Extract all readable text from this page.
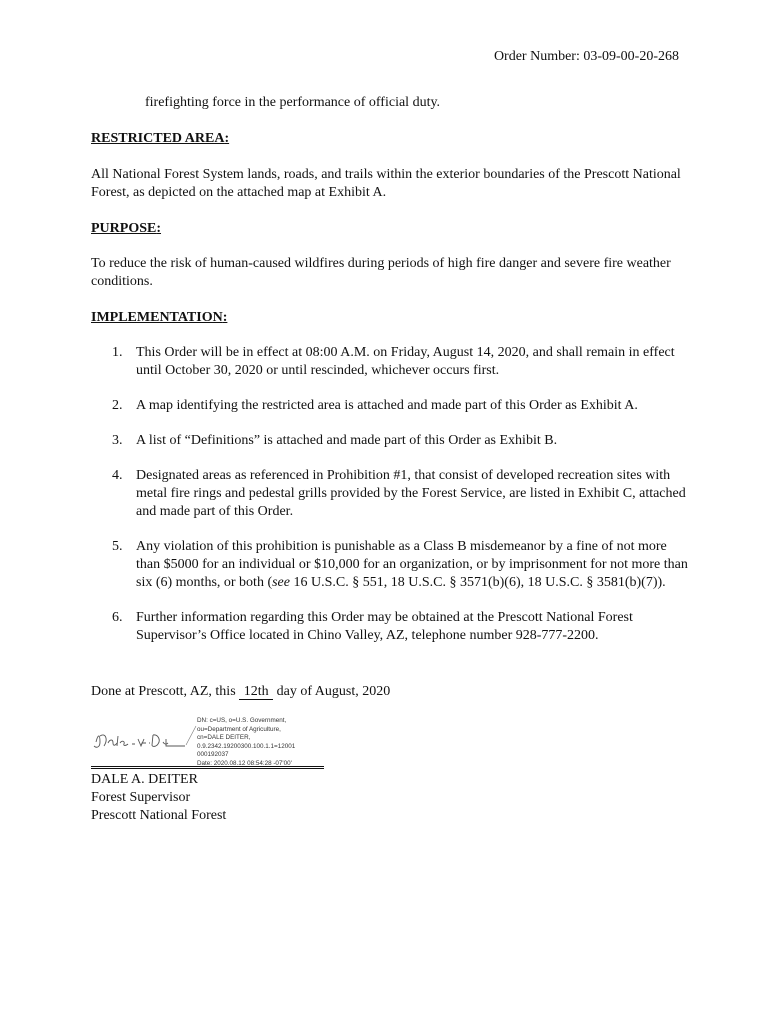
Order Number: 03-09-00-20-268
firefighting force in the performance of official duty.
RESTRICTED AREA:
All National Forest System lands, roads, and trails within the exterior boundaries of the Prescott National Forest, as depicted on the attached map at Exhibit A.
PURPOSE:
To reduce the risk of human-caused wildfires during periods of high fire danger and severe fire weather conditions.
IMPLEMENTATION:
1. This Order will be in effect at 08:00 A.M. on Friday, August 14, 2020, and shall remain in effect until October 30, 2020 or until rescinded, whichever occurs first.
2. A map identifying the restricted area is attached and made part of this Order as Exhibit A.
3. A list of “Definitions” is attached and made part of this Order as Exhibit B.
4. Designated areas as referenced in Prohibition #1, that consist of developed recreation sites with metal fire rings and pedestal grills provided by the Forest Service, are listed in Exhibit C, attached and made part of this Order.
5. Any violation of this prohibition is punishable as a Class B misdemeanor by a fine of not more than $5000 for an individual or $10,000 for an organization, or by imprisonment for not more than six (6) months, or both (see 16 U.S.C. § 551, 18 U.S.C. § 3571(b)(6), 18 U.S.C. § 3581(b)(7)).
6. Further information regarding this Order may be obtained at the Prescott National Forest Supervisor’s Office located in Chino Valley, AZ, telephone number 928-777-2200.
Done at Prescott, AZ, this 12th day of August, 2020
DN: c=US, o=U.S. Government,
ou=Department of Agriculture,
cn=DALE DEITER,
0.9.2342.19200300.100.1.1=12001
000192037
Date: 2020.08.12 08:54:28 -07'00'
DALE A. DEITER
Forest Supervisor
Prescott National Forest
